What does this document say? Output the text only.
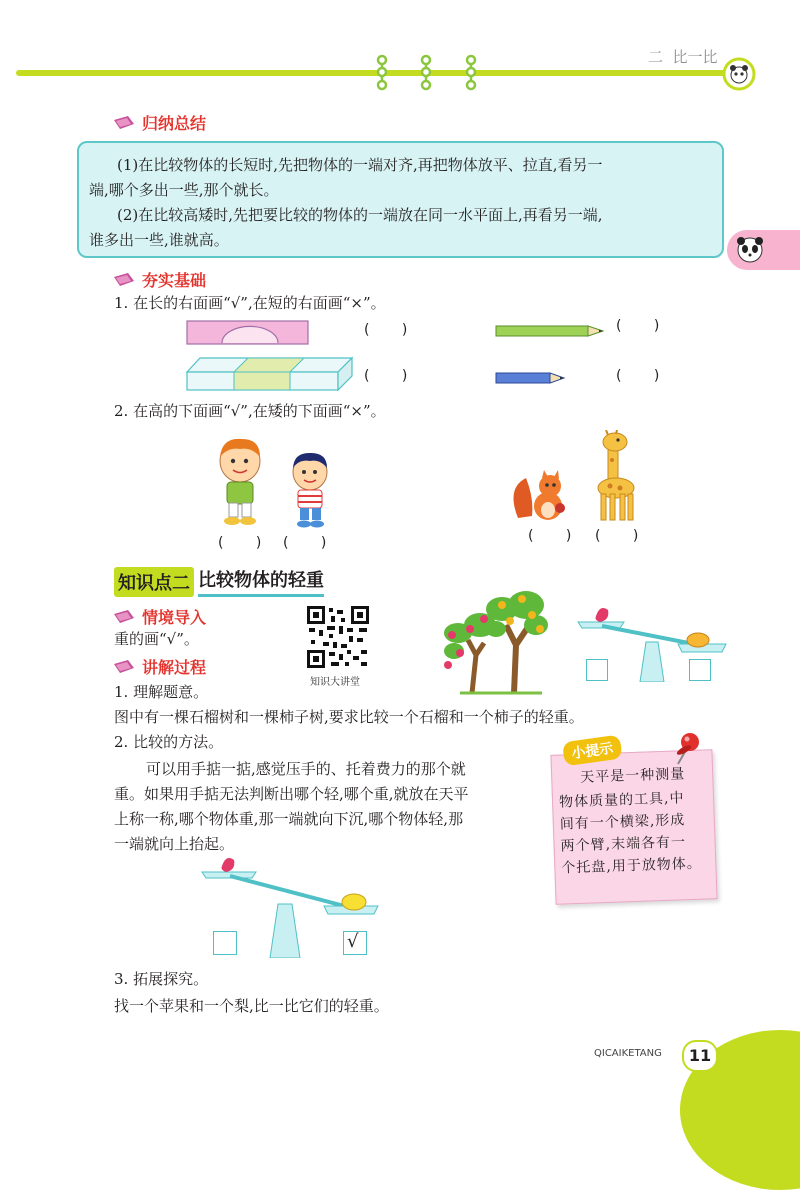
二  比一比
归纳总结

(1)在比较物体的长短时,先把物体的一端对齐,再把物体放平、拉直,看另一

端,哪个多出一些,那个就长。

(2)在比较高矮时,先把要比较的物体的一端放在同一水平面上,再看另一端,

谁多出一些,谁就高。

夯实基础
1. 在长的右面画“√”,在短的右面画“×”。
( )	( )
( )	( )
2. 在高的下面画“√”,在矮的下面画“×”。
( ) ( )	( ) ( )
知识点二 比较物体的轻重
情境导入
重的画“√”。
知识大讲堂
讲解过程
1. 理解题意。
图中有一棵石榴树和一棵柿子树,要求比较一个石榴和一个柿子的轻重。
2. 比较的方法。
可以用手掂一掂,感觉压手的、托着费力的那个就
重。如果用手掂无法判断出哪个轻,哪个重,就放在天平
上称一称,哪个物体重,那一端就向下沉,哪个物体轻,那
一端就向上抬起。
小提示

天平是一种测量

物体质量的工具,中

间有一个横梁,形成

两个臂,末端各有一

个托盘,用于放物体。

√
3. 拓展探究。
找一个苹果和一个梨,比一比它们的轻重。
QICAIKETANG	11
